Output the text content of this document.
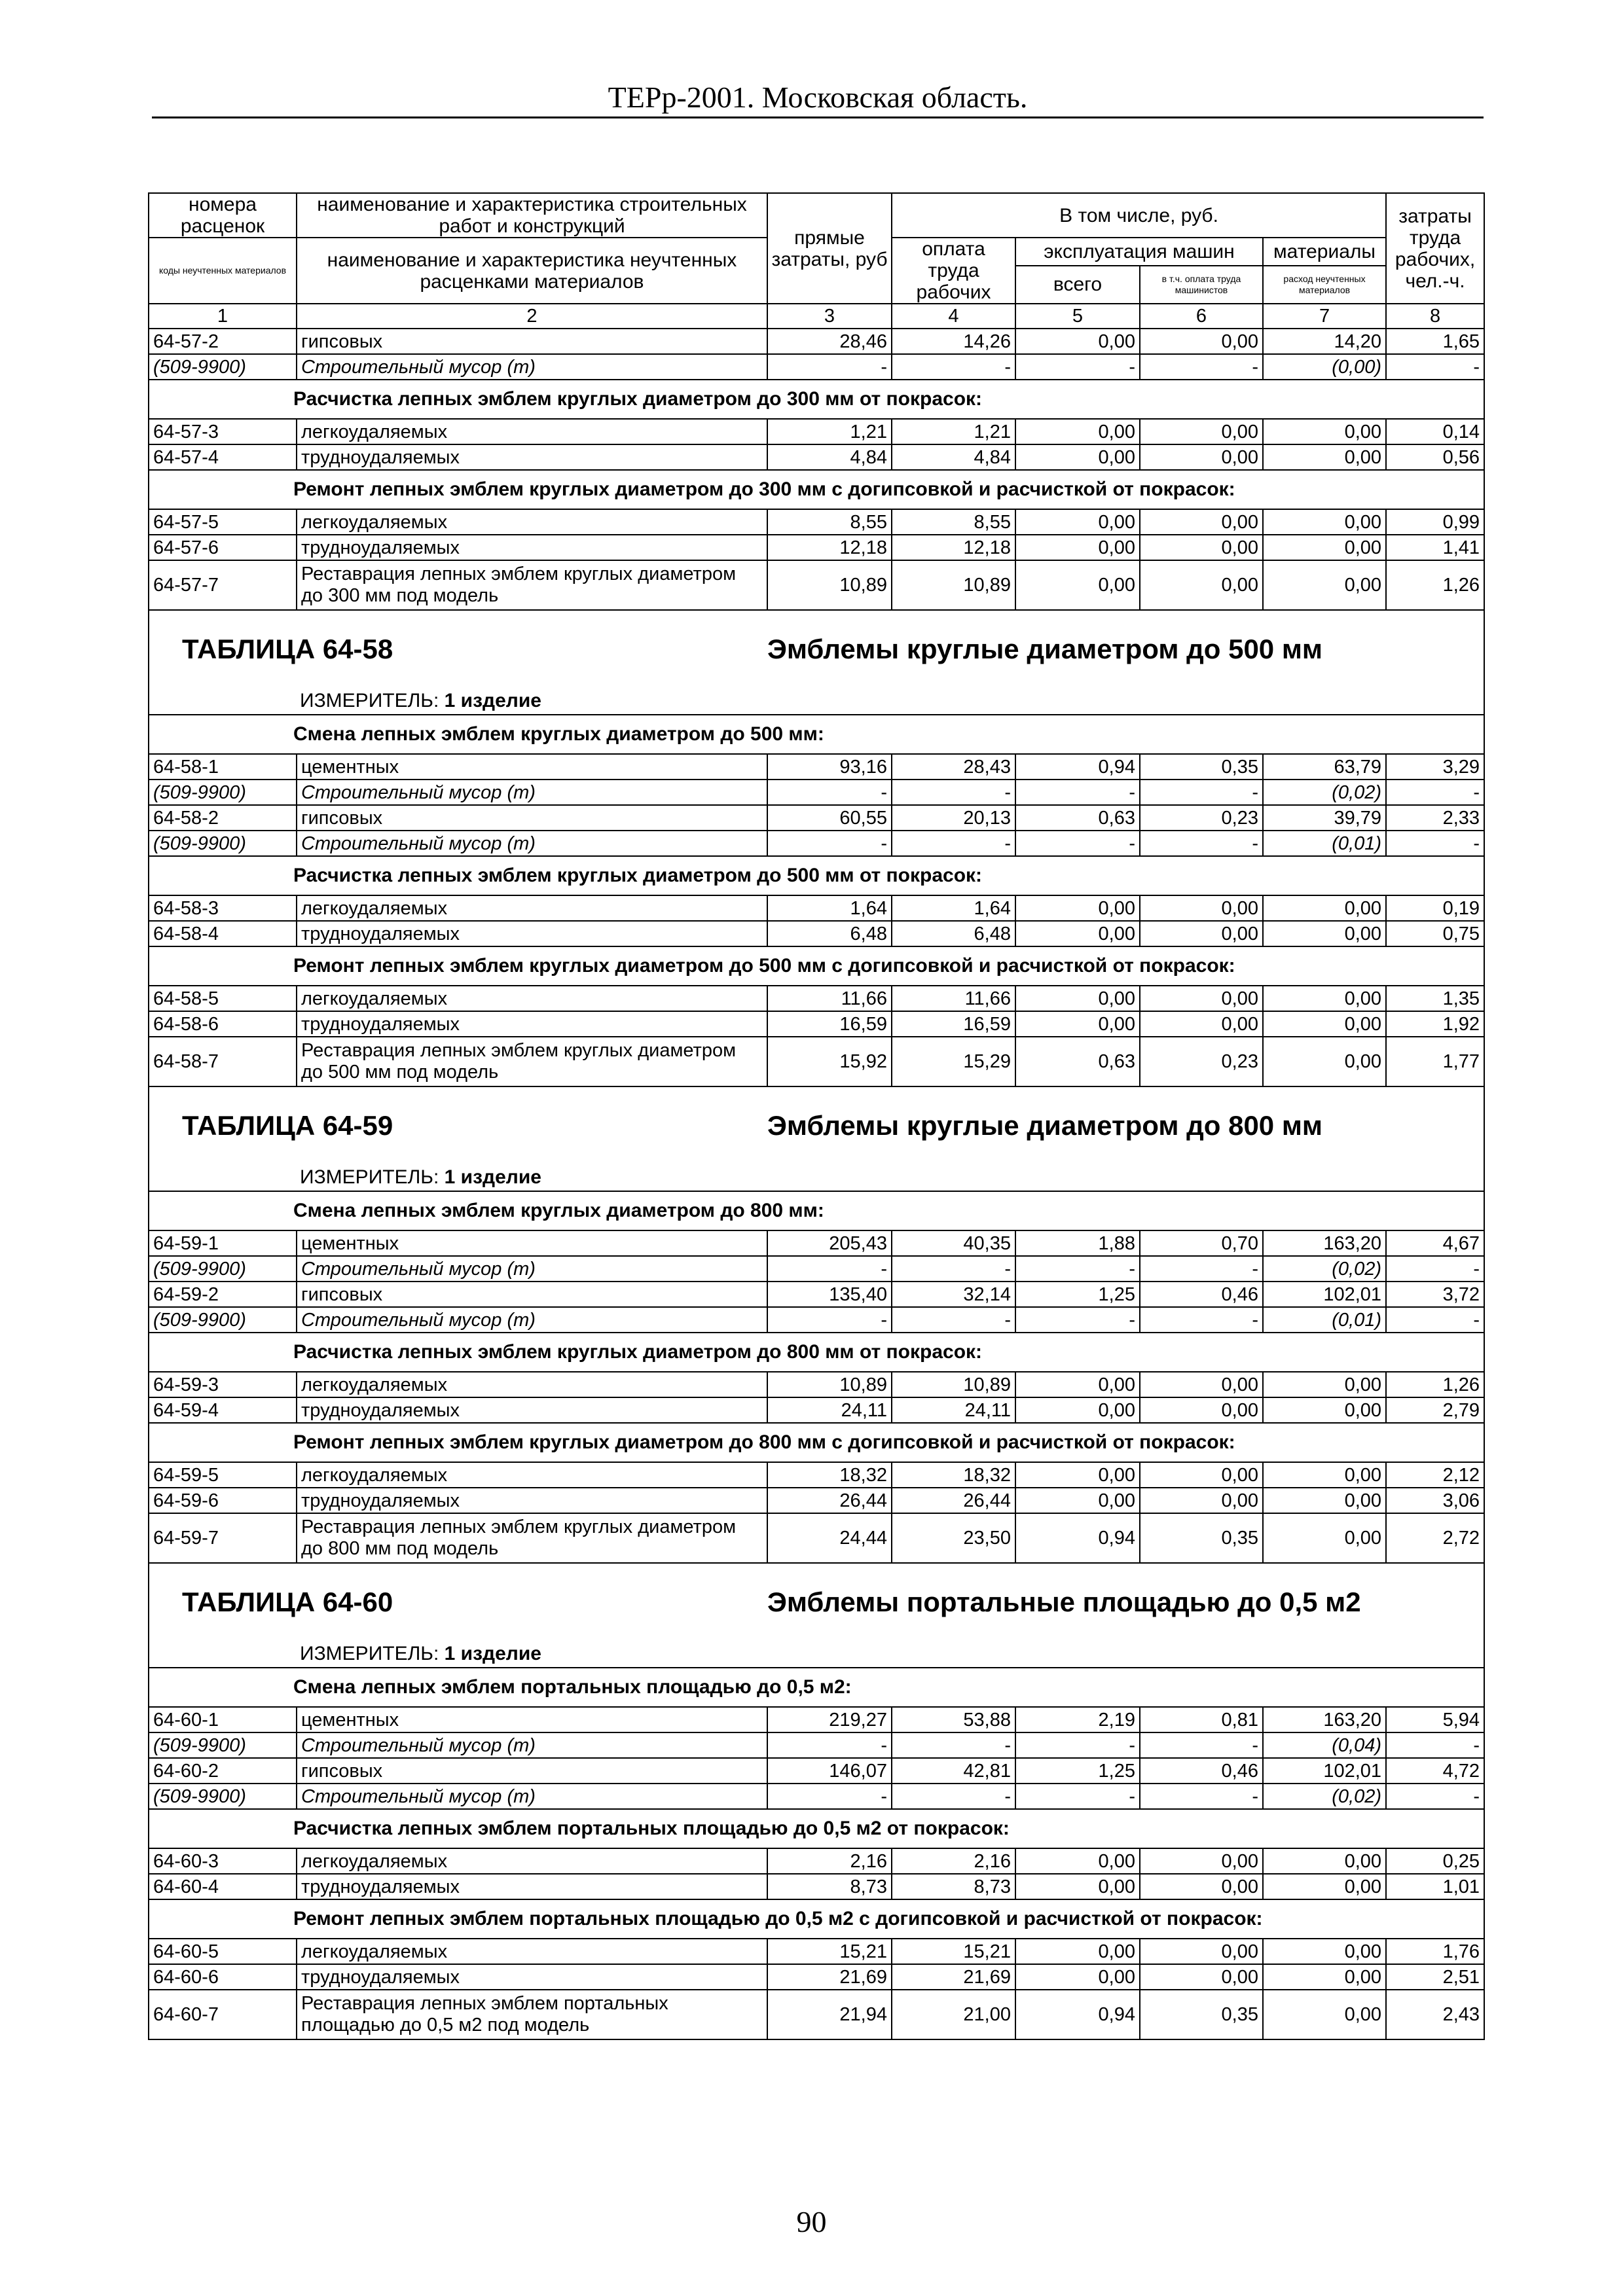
ТЕРр-2001. Московская область.
номера расценок	наименование и характеристика строительных работ и конструкций	прямые затраты, руб	В том числе, руб.				затраты труда рабочих, чел.-ч.
коды неучтенных материалов	наименование и характеристика неучтенных расценками материалов		оплата труда рабочих	эксплуатация машин		материалы	
				всего	в т.ч. оплата труда машинистов	расход неучтенных материалов	
1	2	3	4	5	6	7	8
64-57-2	гипсовых	28,46	14,26	0,00	0,00	14,20	1,65
(509-9900)	Строительный мусор (т)	-	-	-	-	(0,00)	-
Расчистка лепных эмблем круглых диаметром до 300 мм от покрасок:							
64-57-3	легкоудаляемых	1,21	1,21	0,00	0,00	0,00	0,14
64-57-4	трудноудаляемых	4,84	4,84	0,00	0,00	0,00	0,56
Ремонт лепных эмблем круглых диаметром до 300 мм с догипсовкой и расчисткой от покрасок:							
64-57-5	легкоудаляемых	8,55	8,55	0,00	0,00	0,00	0,99
64-57-6	трудноудаляемых	12,18	12,18	0,00	0,00	0,00	1,41
64-57-7	Реставрация лепных эмблем круглых диаметром до 300 мм под модель	10,89	10,89	0,00	0,00	0,00	1,26
ТАБЛИЦА 64-58		Эмблемы круглые диаметром до 500 мм					
ИЗМЕРИТЕЛЬ: 1 изделие							
Смена лепных эмблем круглых диаметром до 500 мм:							
64-58-1	цементных	93,16	28,43	0,94	0,35	63,79	3,29
(509-9900)	Строительный мусор (т)	-	-	-	-	(0,02)	-
64-58-2	гипсовых	60,55	20,13	0,63	0,23	39,79	2,33
(509-9900)	Строительный мусор (т)	-	-	-	-	(0,01)	-
Расчистка лепных эмблем круглых диаметром до 500 мм от покрасок:							
64-58-3	легкоудаляемых	1,64	1,64	0,00	0,00	0,00	0,19
64-58-4	трудноудаляемых	6,48	6,48	0,00	0,00	0,00	0,75
Ремонт лепных эмблем круглых диаметром до 500 мм с догипсовкой и расчисткой от покрасок:							
64-58-5	легкоудаляемых	11,66	11,66	0,00	0,00	0,00	1,35
64-58-6	трудноудаляемых	16,59	16,59	0,00	0,00	0,00	1,92
64-58-7	Реставрация лепных эмблем круглых диаметром до 500 мм под модель	15,92	15,29	0,63	0,23	0,00	1,77
ТАБЛИЦА 64-59		Эмблемы круглые диаметром до 800 мм					
ИЗМЕРИТЕЛЬ: 1 изделие							
Смена лепных эмблем круглых диаметром до 800 мм:							
64-59-1	цементных	205,43	40,35	1,88	0,70	163,20	4,67
(509-9900)	Строительный мусор (т)	-	-	-	-	(0,02)	-
64-59-2	гипсовых	135,40	32,14	1,25	0,46	102,01	3,72
(509-9900)	Строительный мусор (т)	-	-	-	-	(0,01)	-
Расчистка лепных эмблем круглых диаметром до 800 мм от покрасок:							
64-59-3	легкоудаляемых	10,89	10,89	0,00	0,00	0,00	1,26
64-59-4	трудноудаляемых	24,11	24,11	0,00	0,00	0,00	2,79
Ремонт лепных эмблем круглых диаметром до 800 мм с догипсовкой и расчисткой от покрасок:							
64-59-5	легкоудаляемых	18,32	18,32	0,00	0,00	0,00	2,12
64-59-6	трудноудаляемых	26,44	26,44	0,00	0,00	0,00	3,06
64-59-7	Реставрация лепных эмблем круглых диаметром до 800 мм под модель	24,44	23,50	0,94	0,35	0,00	2,72
ТАБЛИЦА 64-60		Эмблемы портальные площадью до 0,5 м2					
ИЗМЕРИТЕЛЬ: 1 изделие							
Смена лепных эмблем портальных площадью до 0,5 м2:							
64-60-1	цементных	219,27	53,88	2,19	0,81	163,20	5,94
(509-9900)	Строительный мусор (т)	-	-	-	-	(0,04)	-
64-60-2	гипсовых	146,07	42,81	1,25	0,46	102,01	4,72
(509-9900)	Строительный мусор (т)	-	-	-	-	(0,02)	-
Расчистка лепных эмблем портальных площадью до 0,5 м2 от покрасок:							
64-60-3	легкоудаляемых	2,16	2,16	0,00	0,00	0,00	0,25
64-60-4	трудноудаляемых	8,73	8,73	0,00	0,00	0,00	1,01
Ремонт лепных эмблем портальных площадью до 0,5 м2 с догипсовкой и расчисткой от покрасок:							
64-60-5	легкоудаляемых	15,21	15,21	0,00	0,00	0,00	1,76
64-60-6	трудноудаляемых	21,69	21,69	0,00	0,00	0,00	2,51
64-60-7	Реставрация лепных эмблем портальных площадью до 0,5 м2 под модель	21,94	21,00	0,94	0,35	0,00	2,43
90
